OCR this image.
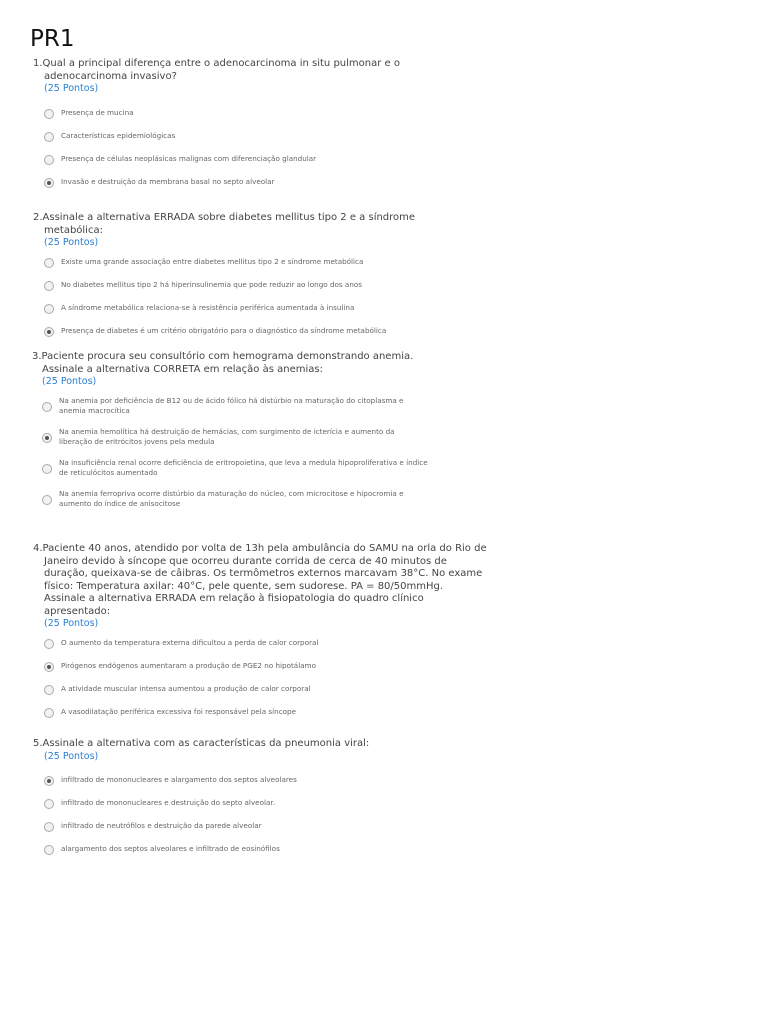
PR1
1.Qual a principal diferença entre o adenocarcinoma in situ pulmonar e o adenocarcinoma invasivo?
(25 Pontos)
Presença de mucina
Características epidemiológicas
Presença de células neoplásicas malignas com diferenciação glandular
Invasão e destruição da membrana basal no septo alveolar
2.Assinale a alternativa ERRADA sobre diabetes mellitus tipo 2 e a síndrome metabólica:
(25 Pontos)
Existe uma grande associação entre diabetes mellitus tipo 2 e síndrome metabólica
No diabetes mellitus tipo 2 há hiperinsulinemia que pode reduzir ao longo dos anos
A síndrome metabólica relaciona-se à resistência periférica aumentada à insulina
Presença de diabetes é um critério obrigatório para o diagnóstico da síndrome metabólica
3.Paciente procura seu consultório com hemograma demonstrando anemia. Assinale a alternativa CORRETA em relação às anemias:
(25 Pontos)
Na anemia por deficiência de B12 ou de ácido fólico há distúrbio na maturação do citoplasma e anemia macrocítica
Na anemia hemolítica há destruição de hemácias, com surgimento de icterícia e aumento da liberação de eritrócitos jovens pela medula
Na insuficiência renal ocorre deficiência de eritropoietina, que leva a medula hipoproliferativa e índice de reticulócitos aumentado
Na anemia ferropriva ocorre distúrbio da maturação do núcleo, com microcitose e hipocromia e aumento do índice de anisocitose
4.Paciente 40 anos, atendido por volta de 13h pela ambulância do SAMU na orla do Rio de Janeiro devido à síncope que ocorreu durante corrida de cerca de 40 minutos de duração, queixava-se de câibras. Os termômetros externos marcavam 38°C. No exame físico: Temperatura axilar: 40°C, pele quente, sem sudorese. PA = 80/50mmHg. Assinale a alternativa ERRADA em relação à fisiopatologia do quadro clínico apresentado:
(25 Pontos)
O aumento da temperatura externa dificultou a perda de calor corporal
Pirógenos endógenos aumentaram a produção de PGE2 no hipotálamo
A atividade muscular intensa aumentou a produção de calor corporal
A vasodilatação periférica excessiva foi responsável pela síncope
5.Assinale a alternativa com as características da pneumonia viral:
(25 Pontos)
infiltrado de mononucleares e alargamento dos septos alveolares
infiltrado de mononucleares e destruição do septo alveolar.
infiltrado de neutrófilos e destruição da parede alveolar
alargamento dos septos alveolares e infiltrado de eosinófilos
